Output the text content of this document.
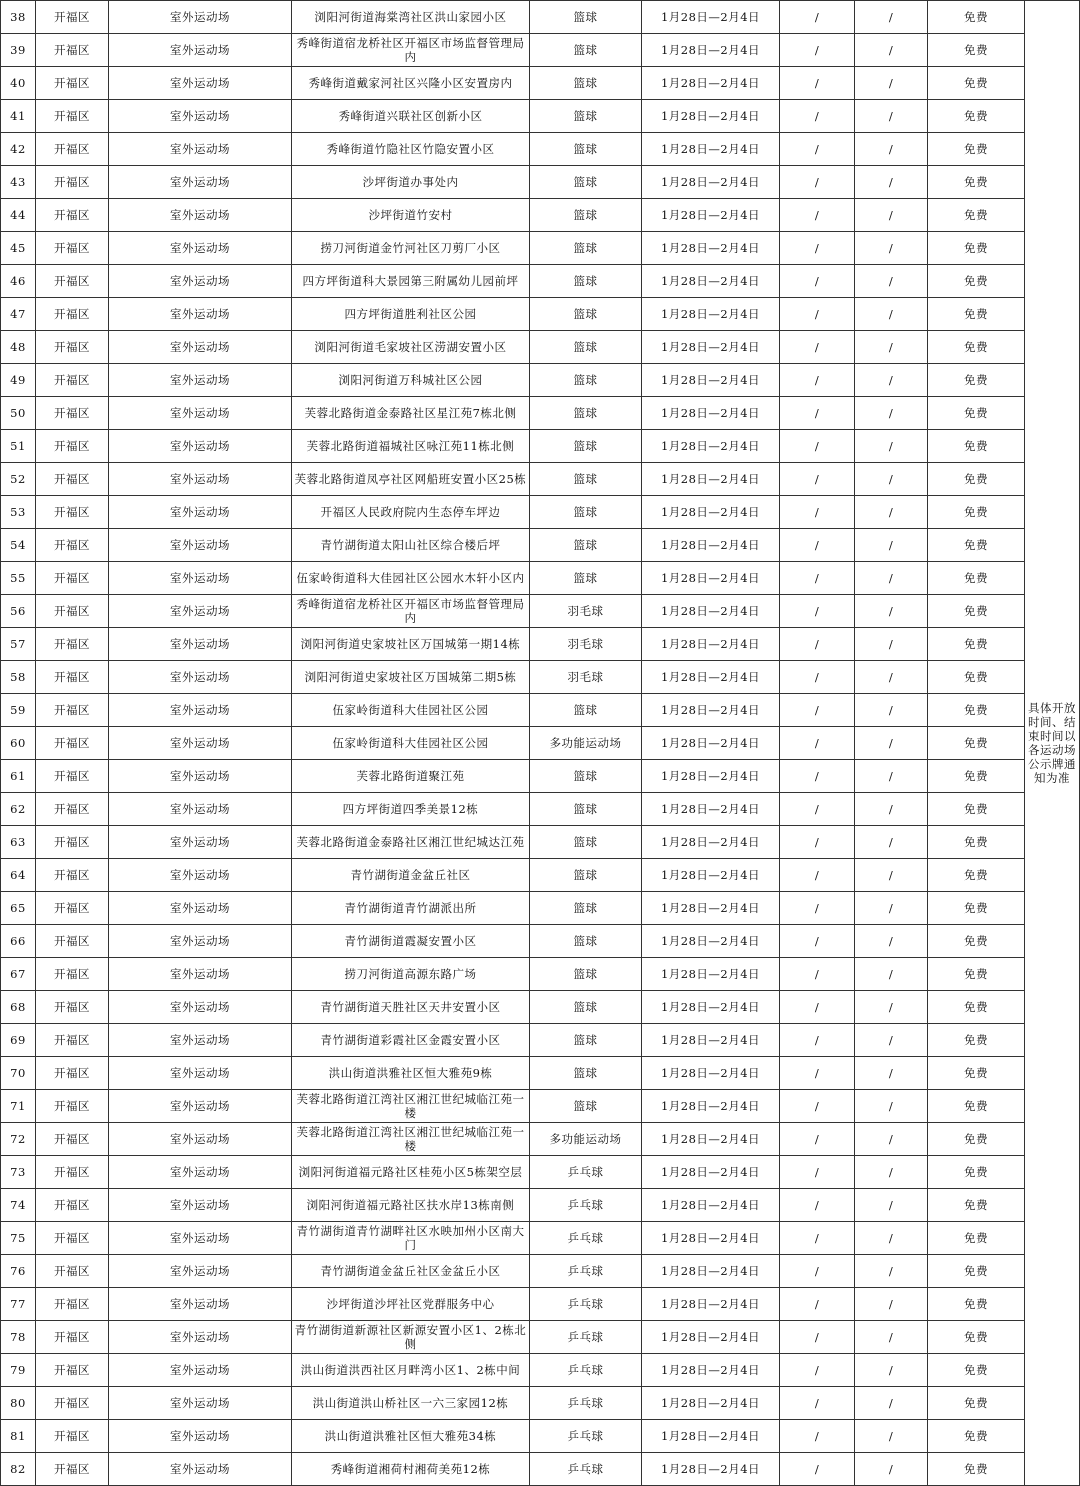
38	开福区	室外运动场	浏阳河街道海棠湾社区洪山家园小区	篮球	1月28日—2月4日	/	/	免费	具体开放时间、结束时间以各运动场公示牌通知为准
39	开福区	室外运动场	秀峰街道宿龙桥社区开福区市场监督管理局内	篮球	1月28日—2月4日	/	/	免费	
40	开福区	室外运动场	秀峰街道戴家河社区兴隆小区安置房内	篮球	1月28日—2月4日	/	/	免费	
41	开福区	室外运动场	秀峰街道兴联社区创新小区	篮球	1月28日—2月4日	/	/	免费	
42	开福区	室外运动场	秀峰街道竹隐社区竹隐安置小区	篮球	1月28日—2月4日	/	/	免费	
43	开福区	室外运动场	沙坪街道办事处内	篮球	1月28日—2月4日	/	/	免费	
44	开福区	室外运动场	沙坪街道竹安村	篮球	1月28日—2月4日	/	/	免费	
45	开福区	室外运动场	捞刀河街道金竹河社区刀剪厂小区	篮球	1月28日—2月4日	/	/	免费	
46	开福区	室外运动场	四方坪街道科大景园第三附属幼儿园前坪	篮球	1月28日—2月4日	/	/	免费	
47	开福区	室外运动场	四方坪街道胜利社区公园	篮球	1月28日—2月4日	/	/	免费	
48	开福区	室外运动场	浏阳河街道毛家坡社区涝湖安置小区	篮球	1月28日—2月4日	/	/	免费	
49	开福区	室外运动场	浏阳河街道万科城社区公园	篮球	1月28日—2月4日	/	/	免费	
50	开福区	室外运动场	芙蓉北路街道金泰路社区星江苑7栋北侧	篮球	1月28日—2月4日	/	/	免费	
51	开福区	室外运动场	芙蓉北路街道福城社区咏江苑11栋北侧	篮球	1月28日—2月4日	/	/	免费	
52	开福区	室外运动场	芙蓉北路街道凤亭社区网船班安置小区25栋	篮球	1月28日—2月4日	/	/	免费	
53	开福区	室外运动场	开福区人民政府院内生态停车坪边	篮球	1月28日—2月4日	/	/	免费	
54	开福区	室外运动场	青竹湖街道太阳山社区综合楼后坪	篮球	1月28日—2月4日	/	/	免费	
55	开福区	室外运动场	伍家岭街道科大佳园社区公园水木轩小区内	篮球	1月28日—2月4日	/	/	免费	
56	开福区	室外运动场	秀峰街道宿龙桥社区开福区市场监督管理局内	羽毛球	1月28日—2月4日	/	/	免费	
57	开福区	室外运动场	浏阳河街道史家坡社区万国城第一期14栋	羽毛球	1月28日—2月4日	/	/	免费	
58	开福区	室外运动场	浏阳河街道史家坡社区万国城第二期5栋	羽毛球	1月28日—2月4日	/	/	免费	
59	开福区	室外运动场	伍家岭街道科大佳园社区公园	篮球	1月28日—2月4日	/	/	免费	
60	开福区	室外运动场	伍家岭街道科大佳园社区公园	多功能运动场	1月28日—2月4日	/	/	免费	
61	开福区	室外运动场	芙蓉北路街道聚江苑	篮球	1月28日—2月4日	/	/	免费	
62	开福区	室外运动场	四方坪街道四季美景12栋	篮球	1月28日—2月4日	/	/	免费	
63	开福区	室外运动场	芙蓉北路街道金泰路社区湘江世纪城达江苑	篮球	1月28日—2月4日	/	/	免费	
64	开福区	室外运动场	青竹湖街道金盆丘社区	篮球	1月28日—2月4日	/	/	免费	
65	开福区	室外运动场	青竹湖街道青竹湖派出所	篮球	1月28日—2月4日	/	/	免费	
66	开福区	室外运动场	青竹湖街道霞凝安置小区	篮球	1月28日—2月4日	/	/	免费	
67	开福区	室外运动场	捞刀河街道高源东路广场	篮球	1月28日—2月4日	/	/	免费	
68	开福区	室外运动场	青竹湖街道天胜社区天井安置小区	篮球	1月28日—2月4日	/	/	免费	
69	开福区	室外运动场	青竹湖街道彩霞社区金霞安置小区	篮球	1月28日—2月4日	/	/	免费	
70	开福区	室外运动场	洪山街道洪雅社区恒大雅苑9栋	篮球	1月28日—2月4日	/	/	免费	
71	开福区	室外运动场	芙蓉北路街道江湾社区湘江世纪城临江苑一楼	篮球	1月28日—2月4日	/	/	免费	
72	开福区	室外运动场	芙蓉北路街道江湾社区湘江世纪城临江苑一楼	多功能运动场	1月28日—2月4日	/	/	免费	
73	开福区	室外运动场	浏阳河街道福元路社区桂苑小区5栋架空层	乒乓球	1月28日—2月4日	/	/	免费	
74	开福区	室外运动场	浏阳河街道福元路社区扶水岸13栋南侧	乒乓球	1月28日—2月4日	/	/	免费	
75	开福区	室外运动场	青竹湖街道青竹湖畔社区水映加州小区南大门	乒乓球	1月28日—2月4日	/	/	免费	
76	开福区	室外运动场	青竹湖街道金盆丘社区金盆丘小区	乒乓球	1月28日—2月4日	/	/	免费	
77	开福区	室外运动场	沙坪街道沙坪社区党群服务中心	乒乓球	1月28日—2月4日	/	/	免费	
78	开福区	室外运动场	青竹湖街道新源社区新源安置小区1、2栋北侧	乒乓球	1月28日—2月4日	/	/	免费	
79	开福区	室外运动场	洪山街道洪西社区月畔湾小区1、2栋中间	乒乓球	1月28日—2月4日	/	/	免费	
80	开福区	室外运动场	洪山街道洪山桥社区一六三家园12栋	乒乓球	1月28日—2月4日	/	/	免费	
81	开福区	室外运动场	洪山街道洪雅社区恒大雅苑34栋	乒乓球	1月28日—2月4日	/	/	免费	
82	开福区	室外运动场	秀峰街道湘荷村湘荷美苑12栋	乒乓球	1月28日—2月4日	/	/	免费	
